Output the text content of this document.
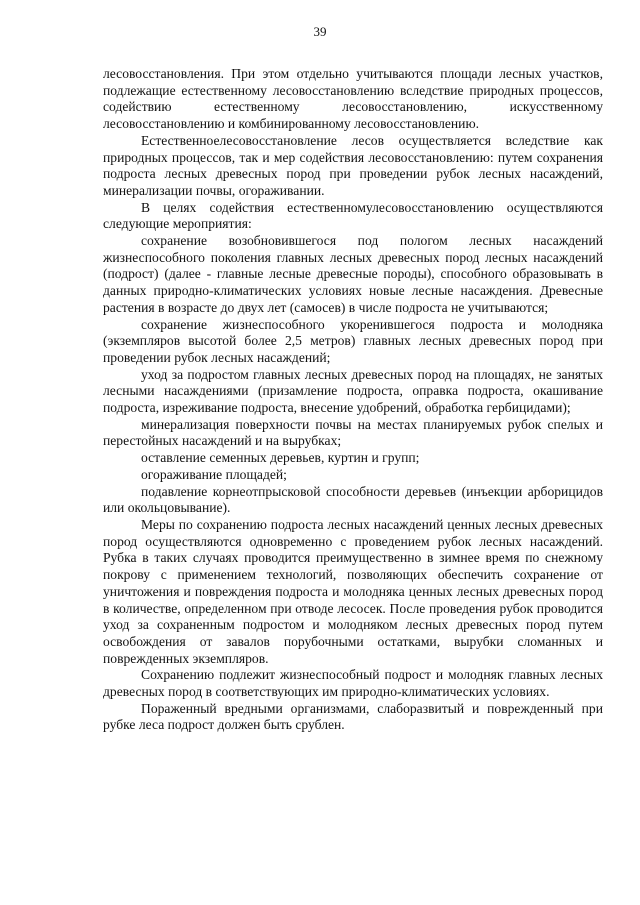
39

лесовосстановления. При этом отдельно учитываются площади лесных участков, подлежащие естественному лесовосстановлению вследствие природных процессов, содействию естественному лесовосстановлению, искусственному лесовосстановлению и комбинированному лесовосстановлению.

Естественноелесовосстановление лесов осуществляется вследствие как природных процессов, так и мер содействия лесовосстановлению: путем сохранения подроста лесных древесных пород при проведении рубок лесных насаждений, минерализации почвы, огораживании.

В целях содействия естественномулесовосстановлению осуществляются следующие мероприятия:

сохранение возобновившегося под пологом лесных насаждений жизнеспособного поколения главных лесных древесных пород лесных насаждений (подрост) (далее - главные лесные древесные породы), способного образовывать в данных природно-климатических условиях новые лесные насаждения. Древесные растения в возрасте до двух лет (самосев) в числе подроста не учитываются;

сохранение жизнеспособного укоренившегося подроста и молодняка (экземпляров высотой более 2,5 метров) главных лесных древесных пород при проведении рубок лесных насаждений;

уход за подростом главных лесных древесных пород на площадях, не занятых лесными насаждениями (призамление подроста, оправка подроста, окашивание подроста, изреживание подроста, внесение удобрений, обработка гербицидами);

минерализация поверхности почвы на местах планируемых рубок спелых и перестойных насаждений и на вырубках;

оставление семенных деревьев, куртин и групп;

огораживание площадей;

подавление корнеотпрысковой способности деревьев (инъекции арборицидов или окольцовывание).

Меры по сохранению подроста лесных насаждений ценных лесных древесных пород осуществляются одновременно с проведением рубок лесных насаждений. Рубка в таких случаях проводится преимущественно в зимнее время по снежному покрову с применением технологий, позволяющих обеспечить сохранение от уничтожения и повреждения подроста и молодняка ценных лесных древесных пород в количестве, определенном при отводе лесосек. После проведения рубок проводится уход за сохраненным подростом и молодняком лесных древесных пород путем освобождения от завалов порубочными остатками, вырубки сломанных и поврежденных экземпляров.

Сохранению подлежит жизнеспособный подрост и молодняк главных лесных древесных пород в соответствующих им природно-климатических условиях.

Пораженный вредными организмами, слаборазвитый и поврежденный при рубке леса подрост должен быть срублен.
